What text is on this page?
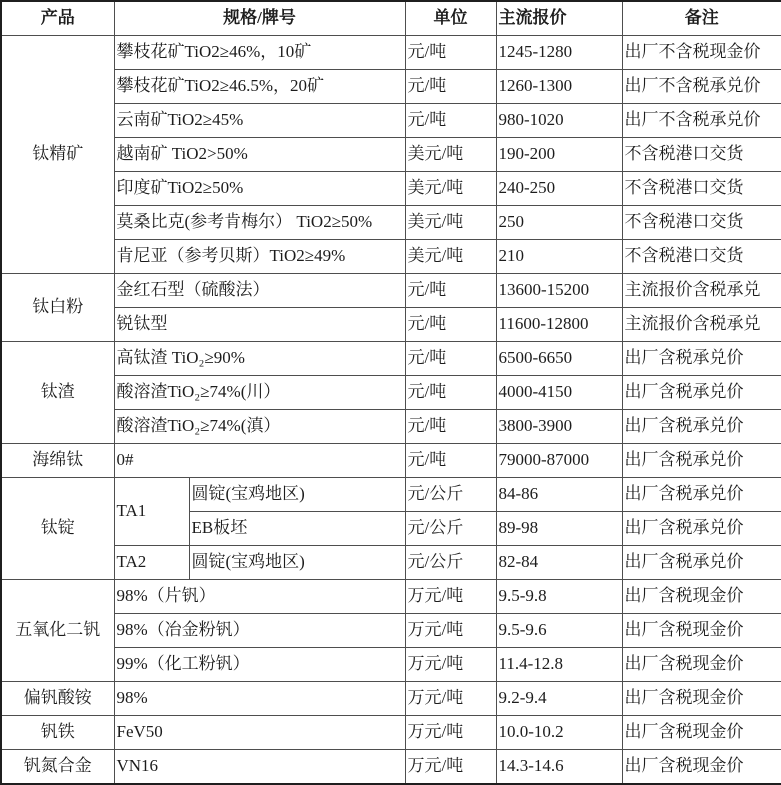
产品	规格/牌号		单位	主流报价	备注
钛精矿	攀枝花矿TiO2≥46%，10矿		元/吨	1245-1280	出厂不含税现金价
	攀枝花矿TiO2≥46.5%，20矿		元/吨	1260-1300	出厂不含税承兑价
	云南矿TiO2≥45%		元/吨	980-1020	出厂不含税承兑价
	越南矿 TiO2>50%		美元/吨	190-200	不含税港口交货
	印度矿TiO2≥50%		美元/吨	240-250	不含税港口交货
	莫桑比克(参考肯梅尔） TiO2≥50%		美元/吨	250	不含税港口交货
	肯尼亚（参考贝斯）TiO2≥49%		美元/吨	210	不含税港口交货
钛白粉	金红石型（硫酸法）		元/吨	13600-15200	主流报价含税承兑
	锐钛型		元/吨	11600-12800	主流报价含税承兑
钛渣	高钛渣 TiO₂≥90%		元/吨	6500-6650	出厂含税承兑价
	酸溶渣TiO₂≥74%(川）		元/吨	4000-4150	出厂含税承兑价
	酸溶渣TiO₂≥74%(滇）		元/吨	3800-3900	出厂含税承兑价
海绵钛	0#		元/吨	79000-87000	出厂含税承兑价
钛锭	TA1	圆锭(宝鸡地区)	元/公斤	84-86	出厂含税承兑价
		EB板坯	元/公斤	89-98	出厂含税承兑价
	TA2	圆锭(宝鸡地区)	元/公斤	82-84	出厂含税承兑价
五氧化二钒	98%（片钒）		万元/吨	9.5-9.8	出厂含税现金价
	98%（冶金粉钒）		万元/吨	9.5-9.6	出厂含税现金价
	99%（化工粉钒）		万元/吨	11.4-12.8	出厂含税现金价
偏钒酸铵	98%		万元/吨	9.2-9.4	出厂含税现金价
钒铁	FeV50		万元/吨	10.0-10.2	出厂含税现金价
钒氮合金	VN16		万元/吨	14.3-14.6	出厂含税现金价
